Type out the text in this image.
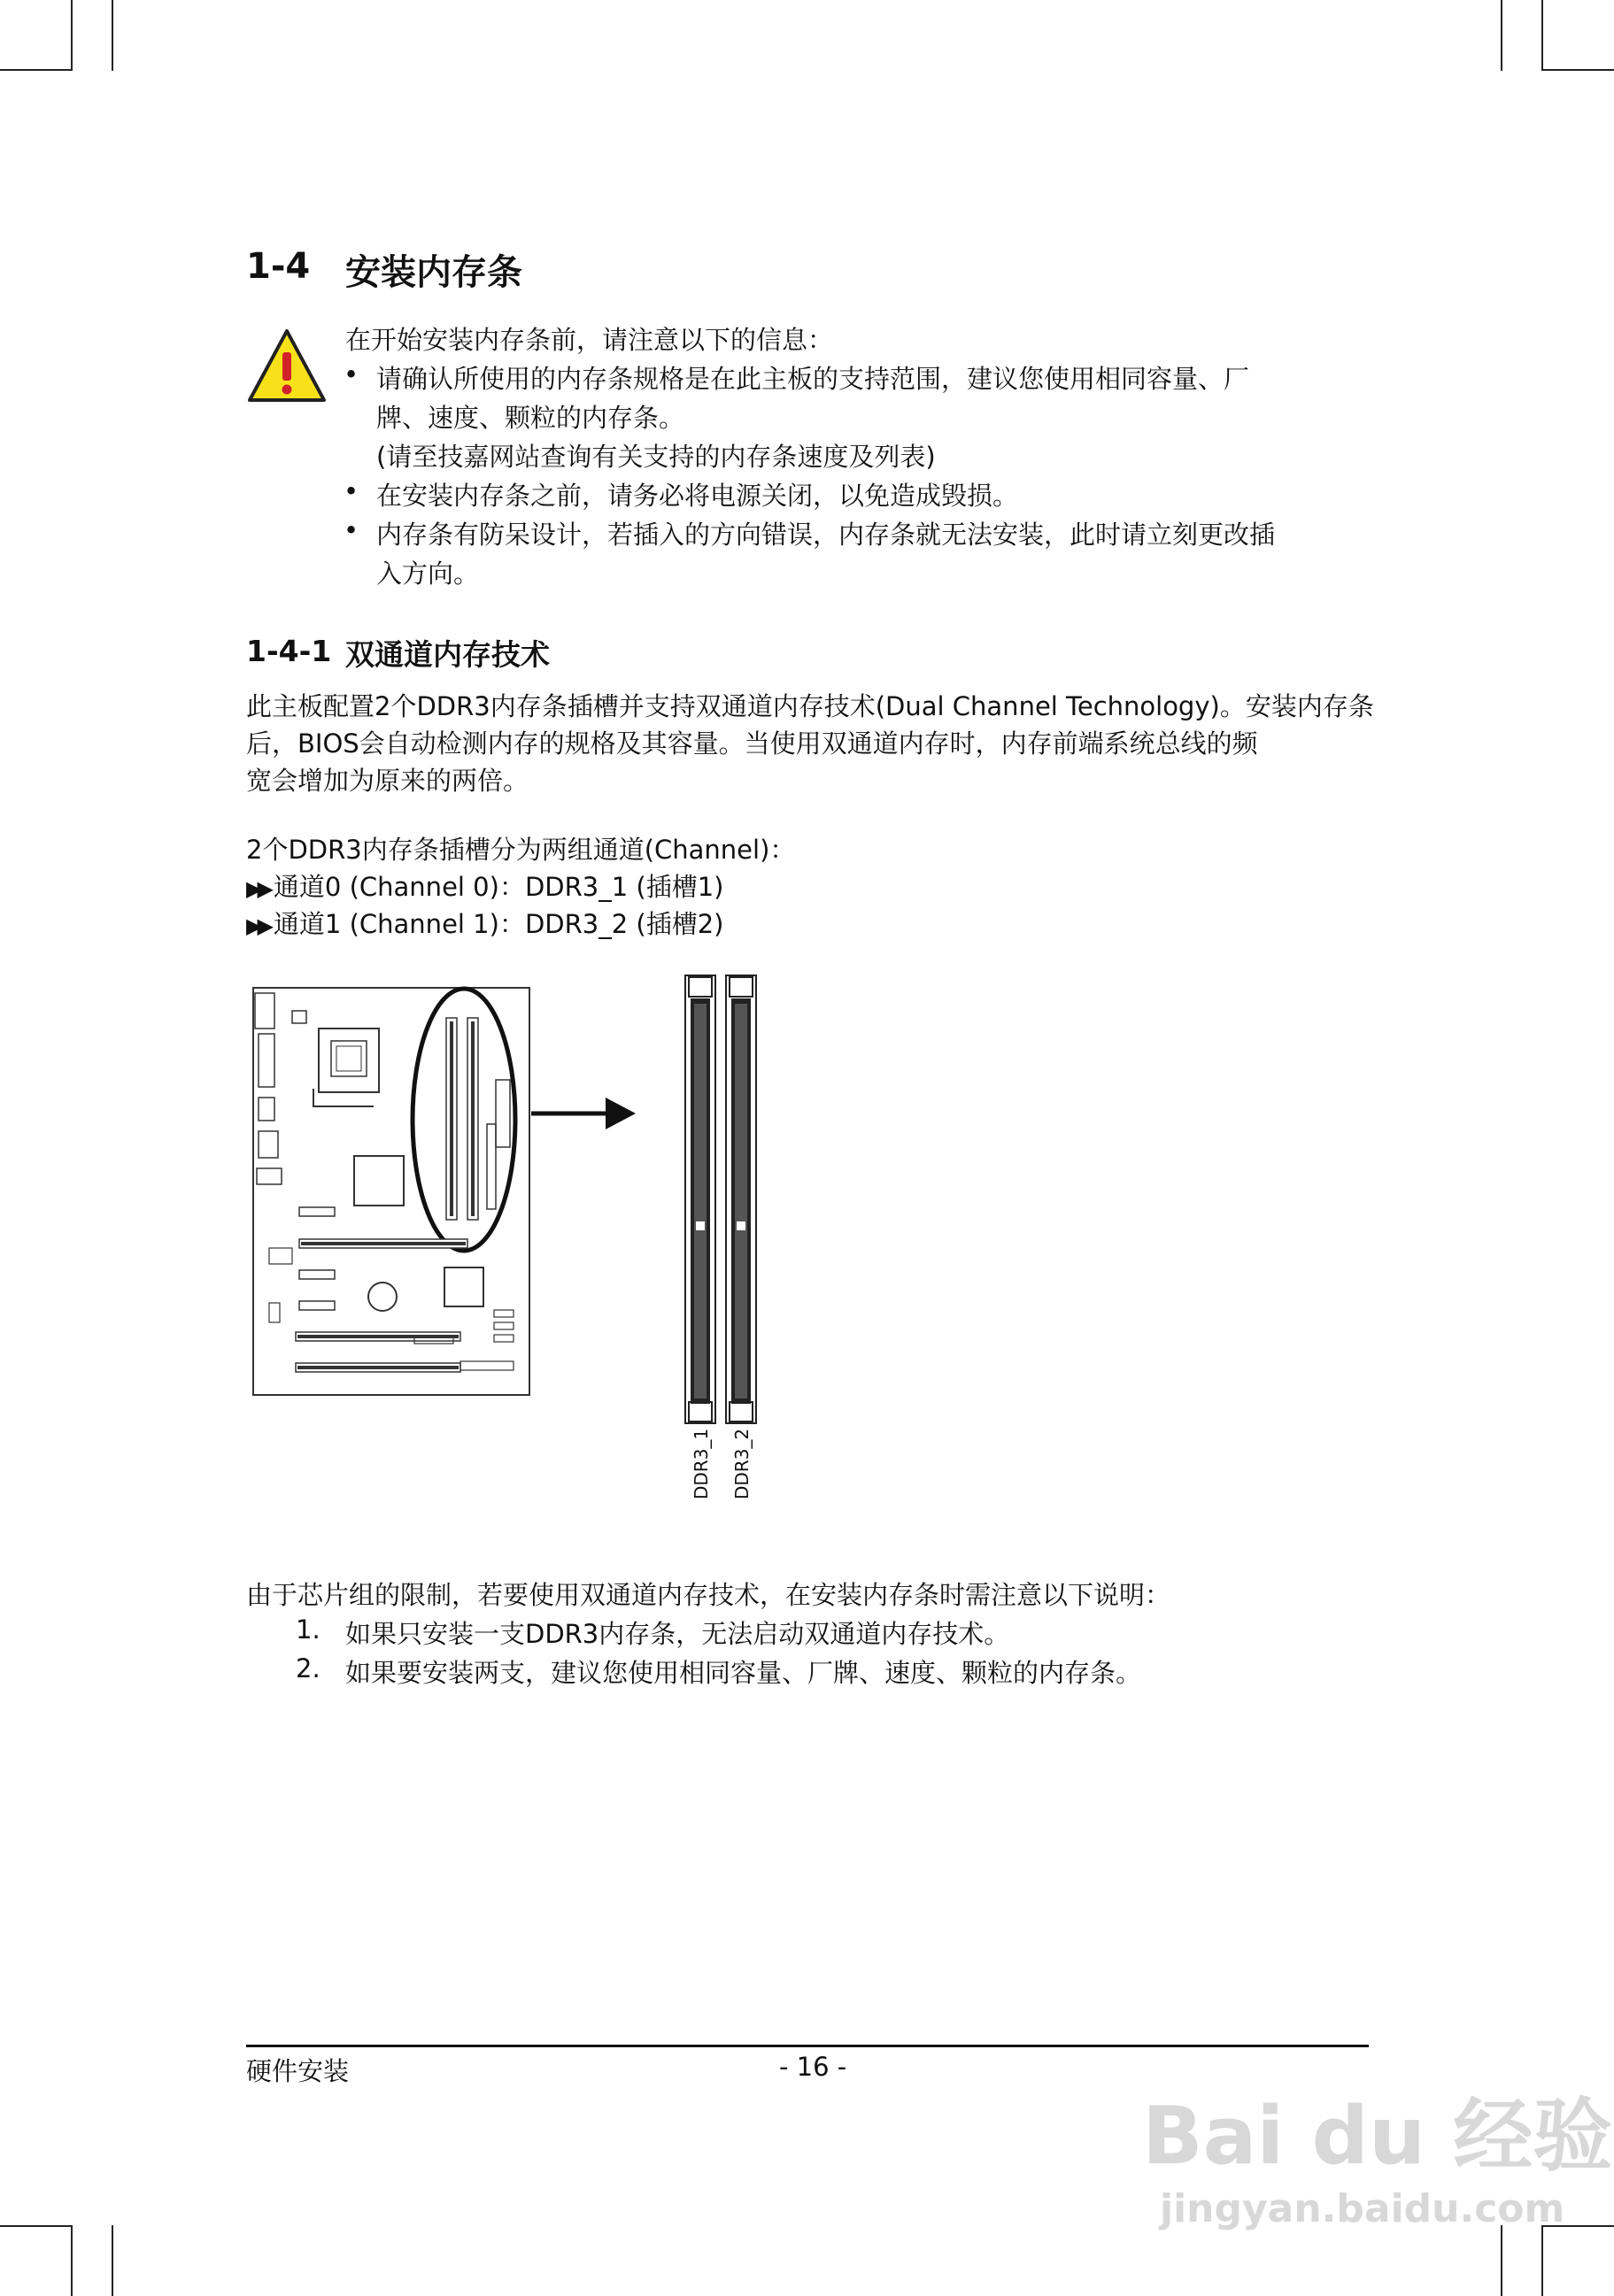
1-4 安装内存条
在开始安装内存条前，请注意以下的信息：
• 请确认所使用的内存条规格是在此主板的支持范围，建议您使用相同容量、厂
牌、速度、颗粒的内存条。
(请至技嘉网站查询有关支持的内存条速度及列表)
• 在安装内存条之前，请务必将电源关闭，以免造成毁损。
• 内存条有防呆设计，若插入的方向错误，内存条就无法安装，此时请立刻更改插
入方向。
1-4-1 双通道内存技术
此主板配置2个DDR3内存条插槽并支持双通道内存技术(Dual Channel Technology)。安装内存条
后，BIOS会自动检测内存的规格及其容量。当使用双通道内存时，内存前端系统总线的频
宽会增加为原来的两倍。
2个DDR3内存条插槽分为两组通道(Channel)：
▶▶ 通道0 (Channel 0)：DDR3_1 (插槽1)
▶▶ 通道1 (Channel 1)：DDR3_2 (插槽2)
DDR3_1 DDR3_2
由于芯片组的限制，若要使用双通道内存技术，在安装内存条时需注意以下说明：
1. 如果只安装一支DDR3内存条，无法启动双通道内存技术。
2. 如果要安装两支，建议您使用相同容量、厂牌、速度、颗粒的内存条。
硬件安装	- 16 -
Bai du 经验
jingyan.baidu.com
